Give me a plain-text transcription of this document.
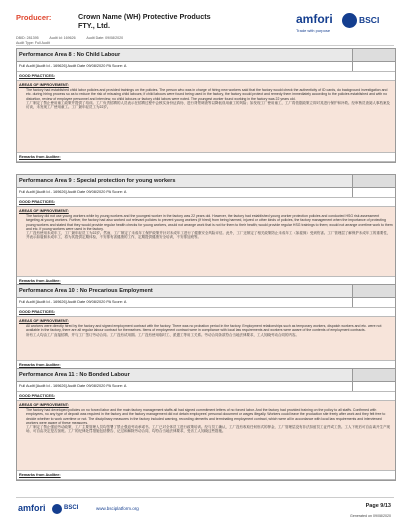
Producer:	Crown Name (WH) Protective Products FTY., Ltd.
DBID: 281395	Audit Id: 169626	Audit Date: 09/08/2020
Audit Type: Full Audit
amfori	BSCI
Trade with purpose
Performance Area 8 : No Child Labour
Full Audit [Audit Id - 169626] Audit Date 09/08/2020 PA Score: A
GOOD PRACTICES:
AREAS OF IMPROVEMENT:
The factory had established child labor policies and provided trainings on the policies. The person who was in charge of hiring new workers said that the factory would check the authenticity of ID cards, do background investigation and etc. during hiring process so as to reduce the risk of misusing child labours; if child labours were found being used in the factory, the factory would protect and remedy them immediately according to the policies established and with no distortion, review of employee personnel and interview, no child labours or factory child labors were noted. The youngest worker found working in the factory was 22 years old.
工厂制定了禁止使用童工政策并提供了培训。工厂负责招聘的人员表示在招聘过程中会核实身份证真伪、进行背景调查等以降低误用童工的风险；如发现工厂使用童工，工厂将依据政策立即对其进行保护和补救。经审核员查阅人事档案及访谈，未发现工厂使用童工。工厂最年轻员工为22岁。
Remarks from Auditee:
Performance Area 9 : Special protection for young workers
Full Audit [Audit Id - 169626] Audit Date 09/08/2020 PA Score: A
GOOD PRACTICES:
AREAS OF IMPROVEMENT:
The factory did not use young workers while by young workers and the youngest worker in the factory was 22 years old. However, the factory had established young worker protection policies and conducted HSG risk assessment targeting at young workers. Further, the factory had also worked out relevant policies to prevent young workers (if hired) from being harmed, injured or other kinds of policies, the factory management when the importance of protecting young workers and stated that they would provide regular health checks for young workers, would not arrange work that is not for them to their health; would provide regular HSG trainings to them; would not arrange overtime work to them and etc. if young workers were used in the factory.
工厂没有使用未成年工，工厂最年轻员工为22岁。然而，工厂制定了未成年工保护政策并针对未成年工进行了健康安全风险评估。此外，工厂还制定了相关政策防止未成年工（如雇佣）受到伤害。工厂管理层了解保护未成年工的重要性，并表示如雇佣未成年工，将为其提供定期体检，不安排有害健康的工作，定期提供健康安全培训，不安排加班等。
Remarks from Auditee:
Performance Area 10 : No Precarious Employment
Full Audit [Audit Id - 169626] Audit Date 09/08/2020 PA Score: A
GOOD PRACTICES:
AREAS OF IMPROVEMENT:
All workers were directly hired by the factory and signed employment contract with the factory. There was no probation period in the factory. Employment relationships such as temporary workers, dispatch workers and etc. were not available in the factory, there are all regular labour contract for themselves. Items of employment contract were in compliance with local law requirements and workers were aware of the contents of employment contracts.
所有工人均由工厂直接招聘，并与工厂签订劳动合同。工厂没有试用期。工厂没有使用临时工、派遣工等用工关系。劳动合同条款符合当地法律要求，工人知晓劳动合同的内容。
Remarks from Auditee:
Performance Area 11 : No Bonded Labour
Full Audit [Audit Id - 169626] Audit Date 09/08/2020 PA Score: A
GOOD PRACTICES:
AREAS OF IMPROVEMENT:
The factory had developed policies on no forced labor and the main factory management staffs all had signed commitment letters of no forced labor. And the factory had provided training on the policy to all staffs. Confirmed with employees, no any type of deposit was required in the factory and the factory management did not detain employees' personal document or wages illegally. Workers could leave the production site freely after work and they felt free to decide whether to work overtime or not. The disciplinary measures in the factory included warning, recording demerits and terminating employment contract, which were all in accordance with local law requirements and interviewed workers were aware of these measures.
工厂制定了禁止强迫劳动政策，工厂主要管理人员均签署了禁止强迫劳动承诺书。工厂已对全体员工进行政策培训。经与员工确认，工厂没有收取任何形式的押金，工厂管理层没有非法扣留员工证件或工资。工人下班后可自由离开生产现场，可自由决定是否加班。工厂的纪律处罚措施包括警告、记过和解除劳动合同，均符合当地法律要求，受访工人知晓这些措施。
Remarks from Auditee:
amfori	BSCI	www.bsciplatform.org	Page 9/13
Generated on 09/08/2020
